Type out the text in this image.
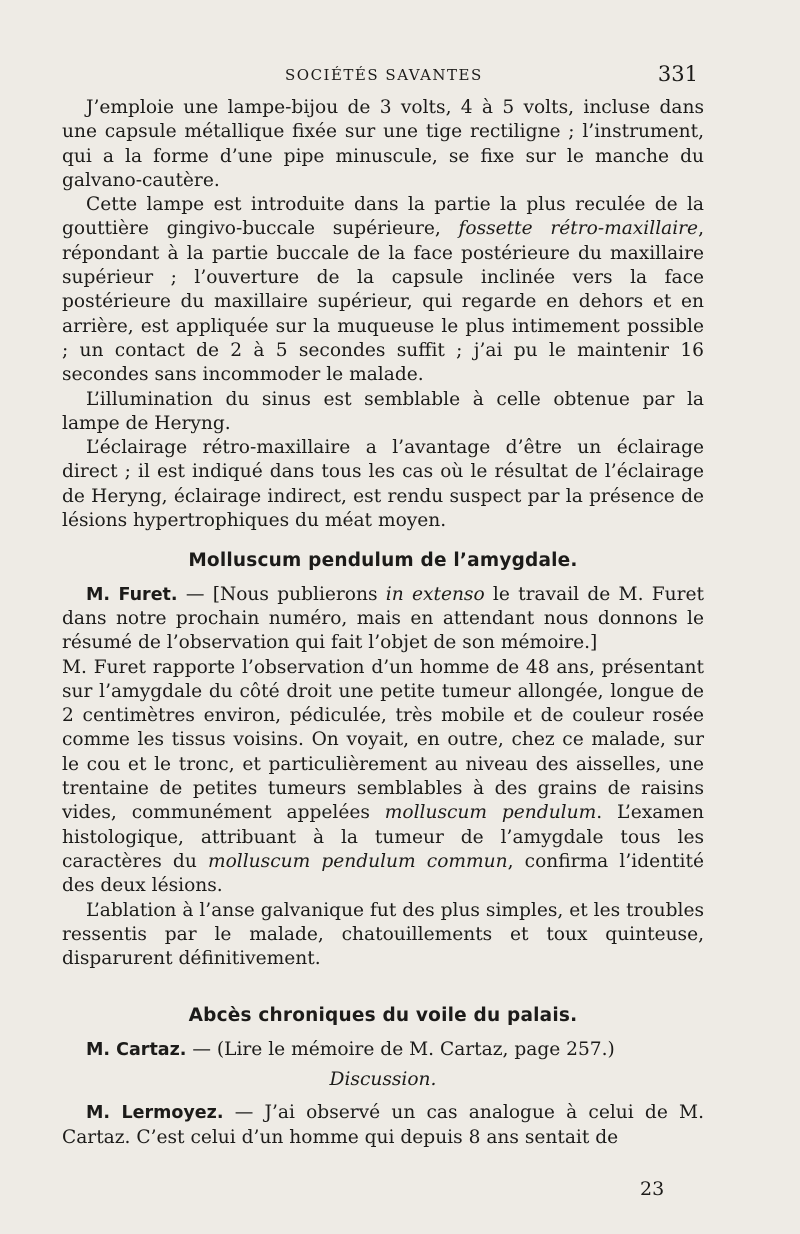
SOCIÉTÉS SAVANTES	331

J’emploie une lampe-bijou de 3 volts, 4 à 5 volts, incluse dans une capsule métallique fixée sur une tige rectiligne ; l’instrument, qui a la forme d’une pipe minuscule, se fixe sur le manche du galvano-cautère.

Cette lampe est introduite dans la partie la plus reculée de la gouttière gingivo-buccale supérieure, fossette rétro-maxillaire, répondant à la partie buccale de la face postérieure du maxillaire supérieur ; l’ouverture de la capsule inclinée vers la face postérieure du maxillaire supérieur, qui regarde en dehors et en arrière, est appliquée sur la muqueuse le plus intimement possible ; un contact de 2 à 5 secondes suffit ; j’ai pu le maintenir 16 secondes sans incommoder le malade.

L’illumination du sinus est semblable à celle obtenue par la lampe de Heryng.

L’éclairage rétro-maxillaire a l’avantage d’être un éclairage direct ; il est indiqué dans tous les cas où le résultat de l’éclairage de Heryng, éclairage indirect, est rendu suspect par la présence de lésions hypertrophiques du méat moyen.

Molluscum pendulum de l’amygdale.

M. Furet. — [Nous publierons in extenso le travail de M. Furet dans notre prochain numéro, mais en attendant nous donnons le résumé de l’observation qui fait l’objet de son mémoire.]

M. Furet rapporte l’observation d’un homme de 48 ans, présentant sur l’amygdale du côté droit une petite tumeur allongée, longue de 2 centimètres environ, pédiculée, très mobile et de couleur rosée comme les tissus voisins. On voyait, en outre, chez ce malade, sur le cou et le tronc, et particulièrement au niveau des aisselles, une trentaine de petites tumeurs semblables à des grains de raisins vides, communément appelées molluscum pendulum. L’examen histologique, attribuant à la tumeur de l’amygdale tous les caractères du molluscum pendulum commun, confirma l’identité des deux lésions.

L’ablation à l’anse galvanique fut des plus simples, et les troubles ressentis par le malade, chatouillements et toux quinteuse, disparurent définitivement.

Abcès chroniques du voile du palais.

M. Cartaz. — (Lire le mémoire de M. Cartaz, page 257.)

Discussion.

M. Lermoyez. — J’ai observé un cas analogue à celui de M. Cartaz. C’est celui d’un homme qui depuis 8 ans sentait de

23
